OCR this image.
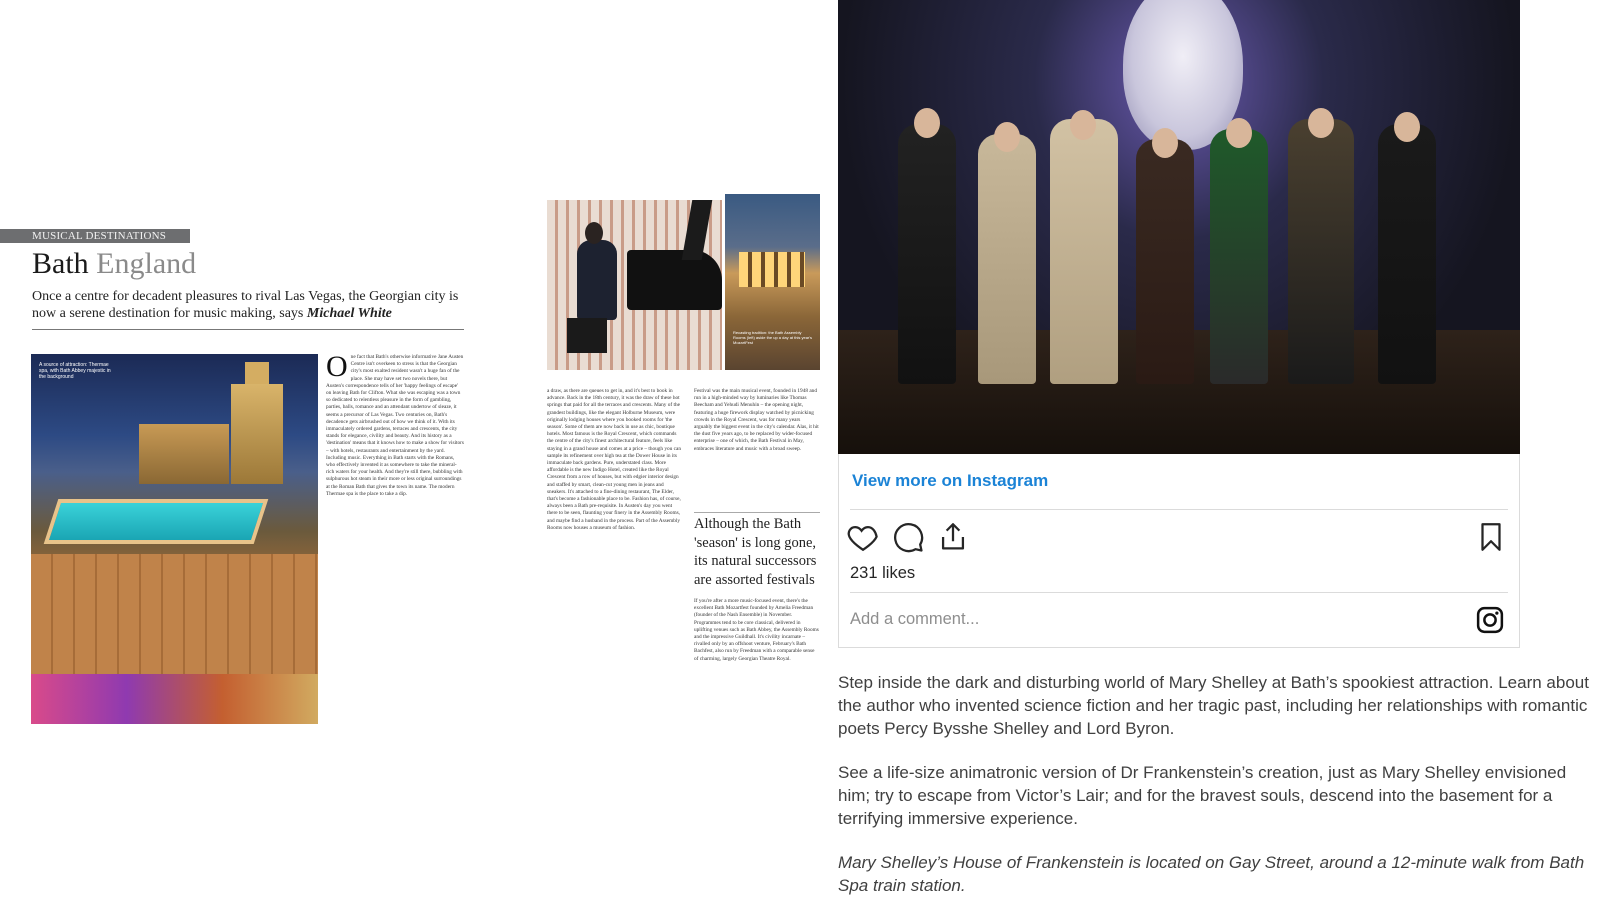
MUSICAL DESTINATIONS
Bath England
Once a centre for decadent pleasures to rival Las Vegas, the Georgian city is now a serene destination for music making, says Michael White
A source of attraction: Thermae spa, with Bath Abbey majestic in the background	O ne fact that Bath's otherwise informative Jane Austen Centre isn't overkeen to stress is that the Georgian city's most exalted resident wasn't a huge fan of the place. She may have set two novels there, but Austen's correspondence tells of her 'happy feelings of escape' on leaving Bath for Clifton. What she was escaping was a town so dedicated to relentless pleasure in the form of gambling, parties, balls, romance and an attendant undertow of sleaze, it seems a precursor of Las Vegas. Two centuries on, Bath's decadence gets airbrushed out of how we think of it. With its immaculately ordered gardens, terraces and crescents, the city stands for elegance, civility and beauty. And its history as a 'destination' means that it knows how to make a show for visitors – with hotels, restaurants and entertainment by the yard. Including music. Everything in Bath starts with the Romans, who effectively invented it as somewhere to take the mineral-rich waters for your health. And they're still there, bubbling with sulphurous hot steam in their more or less original surroundings at the Roman Bath that gives the town its name. The modern Thermae spa is the place to take a dip.
Recasting tradition: the Bath Assembly Rooms (left) aside the up a day at this year's MozartFest
a draw, as there are queues to get in, and it's best to book in advance. Back in the 18th century, it was the draw of these hot springs that paid for all the terraces and crescents. Many of the grandest buildings, like the elegant Holburne Museum, were originally lodging houses where you booked rooms for 'the season'. Some of them are now back in use as chic, boutique hotels. Most famous is the Royal Crescent, which commands the centre of the city's finest architectural feature, feels like staying in a grand house and comes at a price – though you can sample its refinement over high tea at the Dower House in its immaculate back gardens. Pure, understated class. More affordable is the new Indigo Hotel, created like the Royal Crescent from a row of houses, but with edgier interior design and staffed by smart, clean-cut young men in jeans and sneakers. It's attached to a fine-dining restaurant, The Elder, that's become a fashionable place to be. Fashion has, of course, always been a Bath pre-requisite. In Austen's day you went there to be seen, flaunting your finery in the Assembly Rooms, and maybe find a husband in the process. Part of the Assembly Rooms now houses a museum of fashion.
Festival was the main musical event, founded in 1948 and run in a high-minded way by luminaries like Thomas Beecham and Yehudi Menuhin – the opening night, featuring a huge firework display watched by picnicking crowds in the Royal Crescent, was for many years arguably the biggest event in the city's calendar. Alas, it hit the dust five years ago, to be replaced by wider-focused enterprise – one of which, the Bath Festival in May, embraces literature and music with a broad sweep.
Although the Bath 'season' is long gone, its natural successors are assorted festivals
If you're after a more music-focused event, there's the excellent Bath Mozartfest founded by Amelia Freedman (founder of the Nash Ensemble) in November. Programmes tend to be core classical, delivered in uplifting venues such as Bath Abbey, the Assembly Rooms and the impressive Guildhall. It's civility incarnate – rivalled only by an offshoot venture, February's Bath Bachfest, also run by Freedman with a comparable sense of charming, largely Georgian Theatre Royal.
View more on Instagram
231 likes
Add a comment...

Step inside the dark and disturbing world of Mary Shelley at Bath’s spookiest attraction. Learn about the author who invented science fiction and her tragic past, including her relationships with romantic poets Percy Bysshe Shelley and Lord Byron.

See a life-size animatronic version of Dr Frankenstein’s creation, just as Mary Shelley envisioned him; try to escape from Victor’s Lair; and for the bravest souls, descend into the basement for a terrifying immersive experience.

Mary Shelley’s House of Frankenstein is located on Gay Street, around a 12-minute walk from Bath Spa train station.
